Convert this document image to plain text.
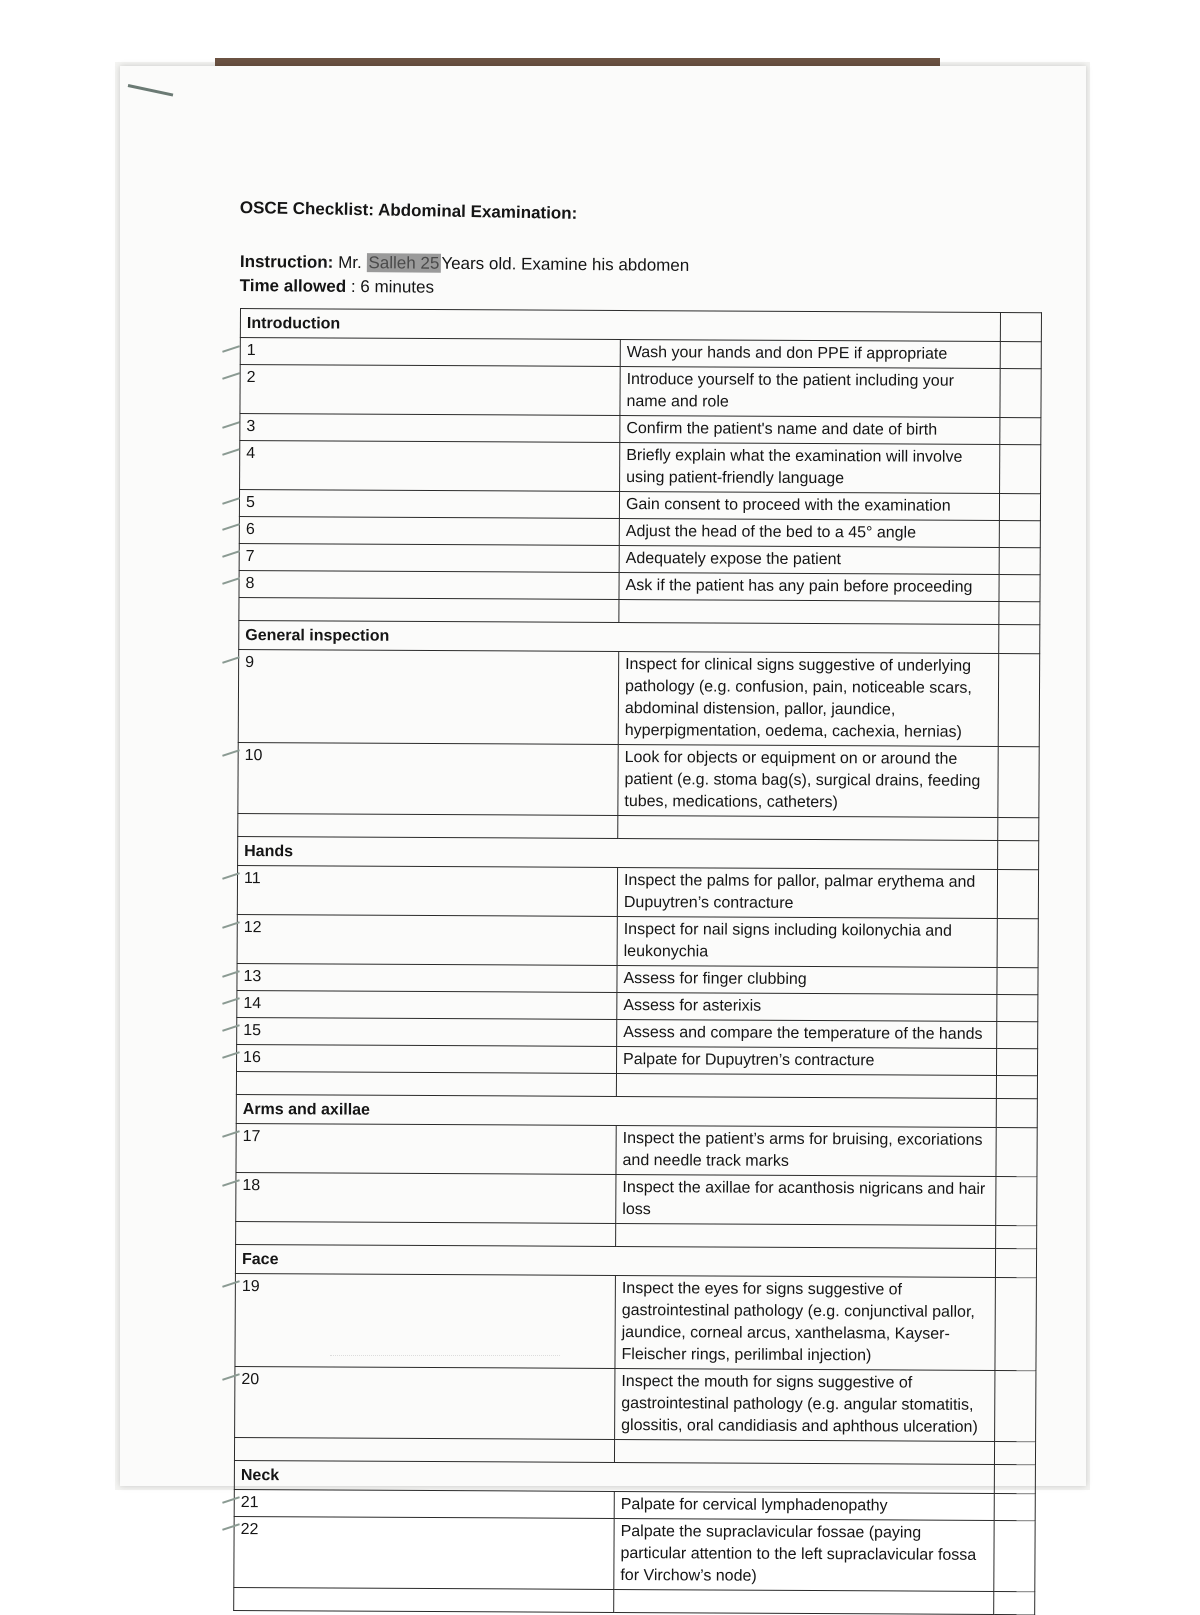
OSCE Checklist: Abdominal Examination:
Instruction: Mr. Salleh 25 Years old. Examine his abdomen
Time allowed : 6 minutes
Introduction		
1	Wash your hands and don PPE if appropriate	
2	Introduce yourself to the patient including your name and role	
3	Confirm the patient's name and date of birth	
4	Briefly explain what the examination will involve using patient-friendly language	
5	Gain consent to proceed with the examination	
6	Adjust the head of the bed to a 45° angle	
7	Adequately expose the patient	
8	Ask if the patient has any pain before proceeding	

General inspection		
9	Inspect for clinical signs suggestive of underlying pathology (e.g. confusion, pain, noticeable scars, abdominal distension, pallor, jaundice, hyperpigmentation, oedema, cachexia, hernias)	
10	Look for objects or equipment on or around the patient (e.g. stoma bag(s), surgical drains, feeding tubes, medications, catheters)	

Hands		
11	Inspect the palms for pallor, palmar erythema and Dupuytren’s contracture	
12	Inspect for nail signs including koilonychia and leukonychia	
13	Assess for finger clubbing	
14	Assess for asterixis	
15	Assess and compare the temperature of the hands	
16	Palpate for Dupuytren’s contracture	

Arms and axillae		
17	Inspect the patient’s arms for bruising, excoriations and needle track marks	
18	Inspect the axillae for acanthosis nigricans and hair loss	

Face		
19	Inspect the eyes for signs suggestive of gastrointestinal pathology (e.g. conjunctival pallor, jaundice, corneal arcus, xanthelasma, Kayser-Fleischer rings, perilimbal injection)	
20	Inspect the mouth for signs suggestive of gastrointestinal pathology (e.g. angular stomatitis, glossitis, oral candidiasis and aphthous ulceration)	

Neck		
21	Palpate for cervical lymphadenopathy	
22	Palpate the supraclavicular fossae (paying particular attention to the left supraclavicular fossa for Virchow’s node)	
